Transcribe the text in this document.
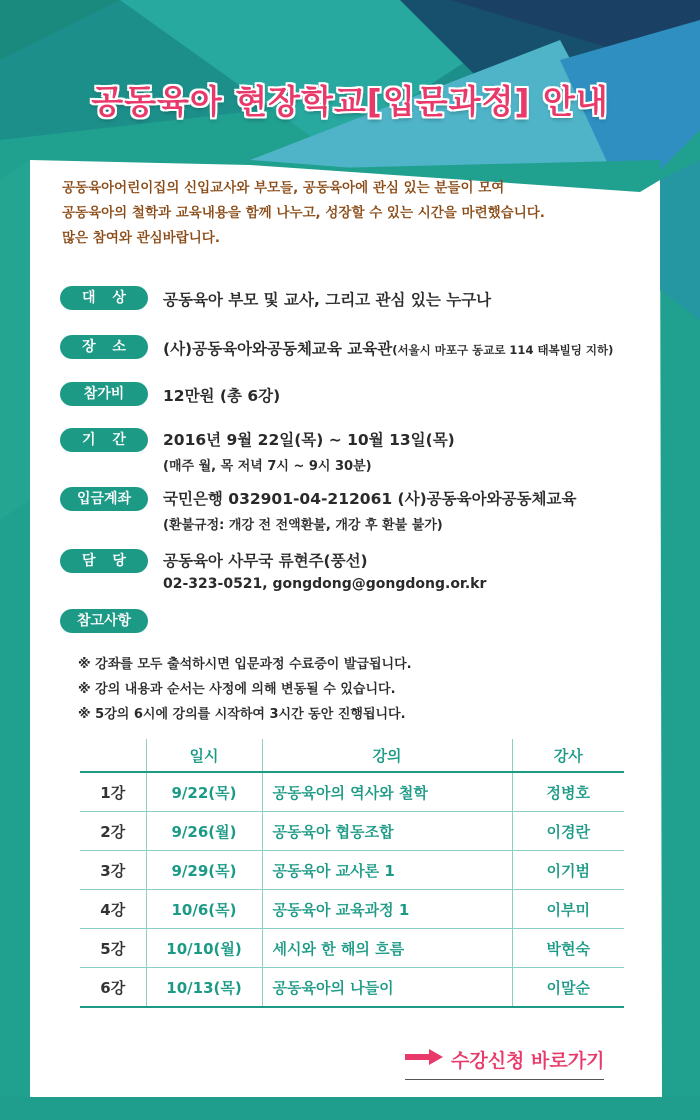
공동육아 현장학교[입문과정] 안내
공동육아어린이집의 신입교사와 부모들, 공동육아에 관심 있는 분들이 모여
공동육아의 철학과 교육내용을 함께 나누고, 성장할 수 있는 시간을 마련했습니다.
많은 참여와 관심바랍니다.
대 상	공동육아 부모 및 교사, 그리고 관심 있는 누구나
장 소	(사)공동육아와공동체교육 교육관(서울시 마포구 동교로 114 태복빌딩 지하)
참가비	12만원 (총 6강)
기 간	2016년 9월 22일(목) ~ 10월 13일(목)
(매주 월, 목 저녁 7시 ~ 9시 30분)
입금계좌	국민은행 032901-04-212061 (사)공동육아와공동체교육
(환불규정: 개강 전 전액환불, 개강 후 환불 불가)
담 당	공동육아 사무국 류현주(풍선)
02-323-0521, gongdong@gongdong.or.kr
참고사항
※ 강좌를 모두 출석하시면 입문과정 수료증이 발급됩니다.
※ 강의 내용과 순서는 사정에 의해 변동될 수 있습니다.
※ 5강의 6시에 강의를 시작하여 3시간 동안 진행됩니다.
	일시	강의	강사
1강	9/22(목)	공동육아의 역사와 철학	정병호
2강	9/26(월)	공동육아 협동조합	이경란
3강	9/29(목)	공동육아 교사론 1	이기범
4강	10/6(목)	공동육아 교육과정 1	이부미
5강	10/10(월)	세시와 한 해의 흐름	박현숙
6강	10/13(목)	공동육아의 나들이	이말순
수강신청 바로가기
